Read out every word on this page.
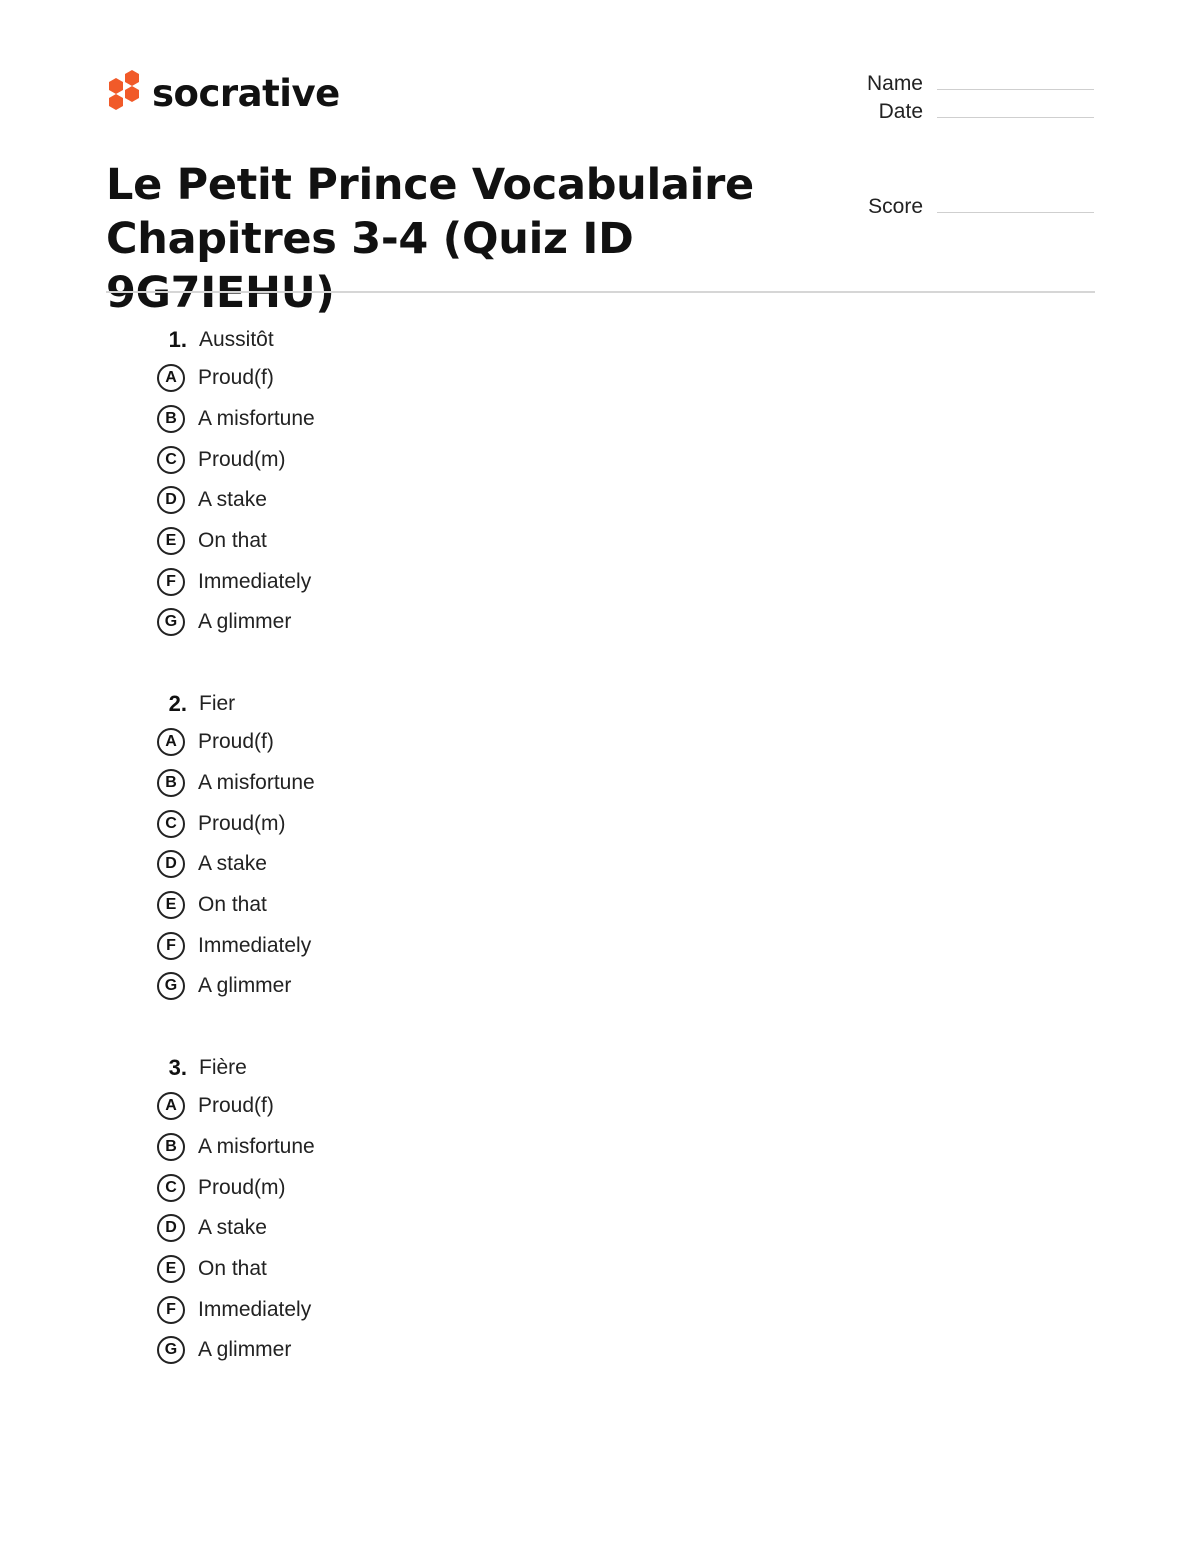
socrative	Name
Date
Score
Le Petit Prince Vocabulaire
Chapitres 3-4 (Quiz ID 9G7IEHU)
1. Aussitôt
A	Proud(f)
B	A misfortune
C	Proud(m)
D	A stake
E	On that
F	Immediately
G A glimmer
2. Fier
A	Proud(f)
B	A misfortune
C	Proud(m)
D	A stake
E	On that
F	Immediately
G A glimmer
3. Fière
A	Proud(f)
B	A misfortune
C	Proud(m)
D	A stake
E	On that
F	Immediately
G A glimmer
